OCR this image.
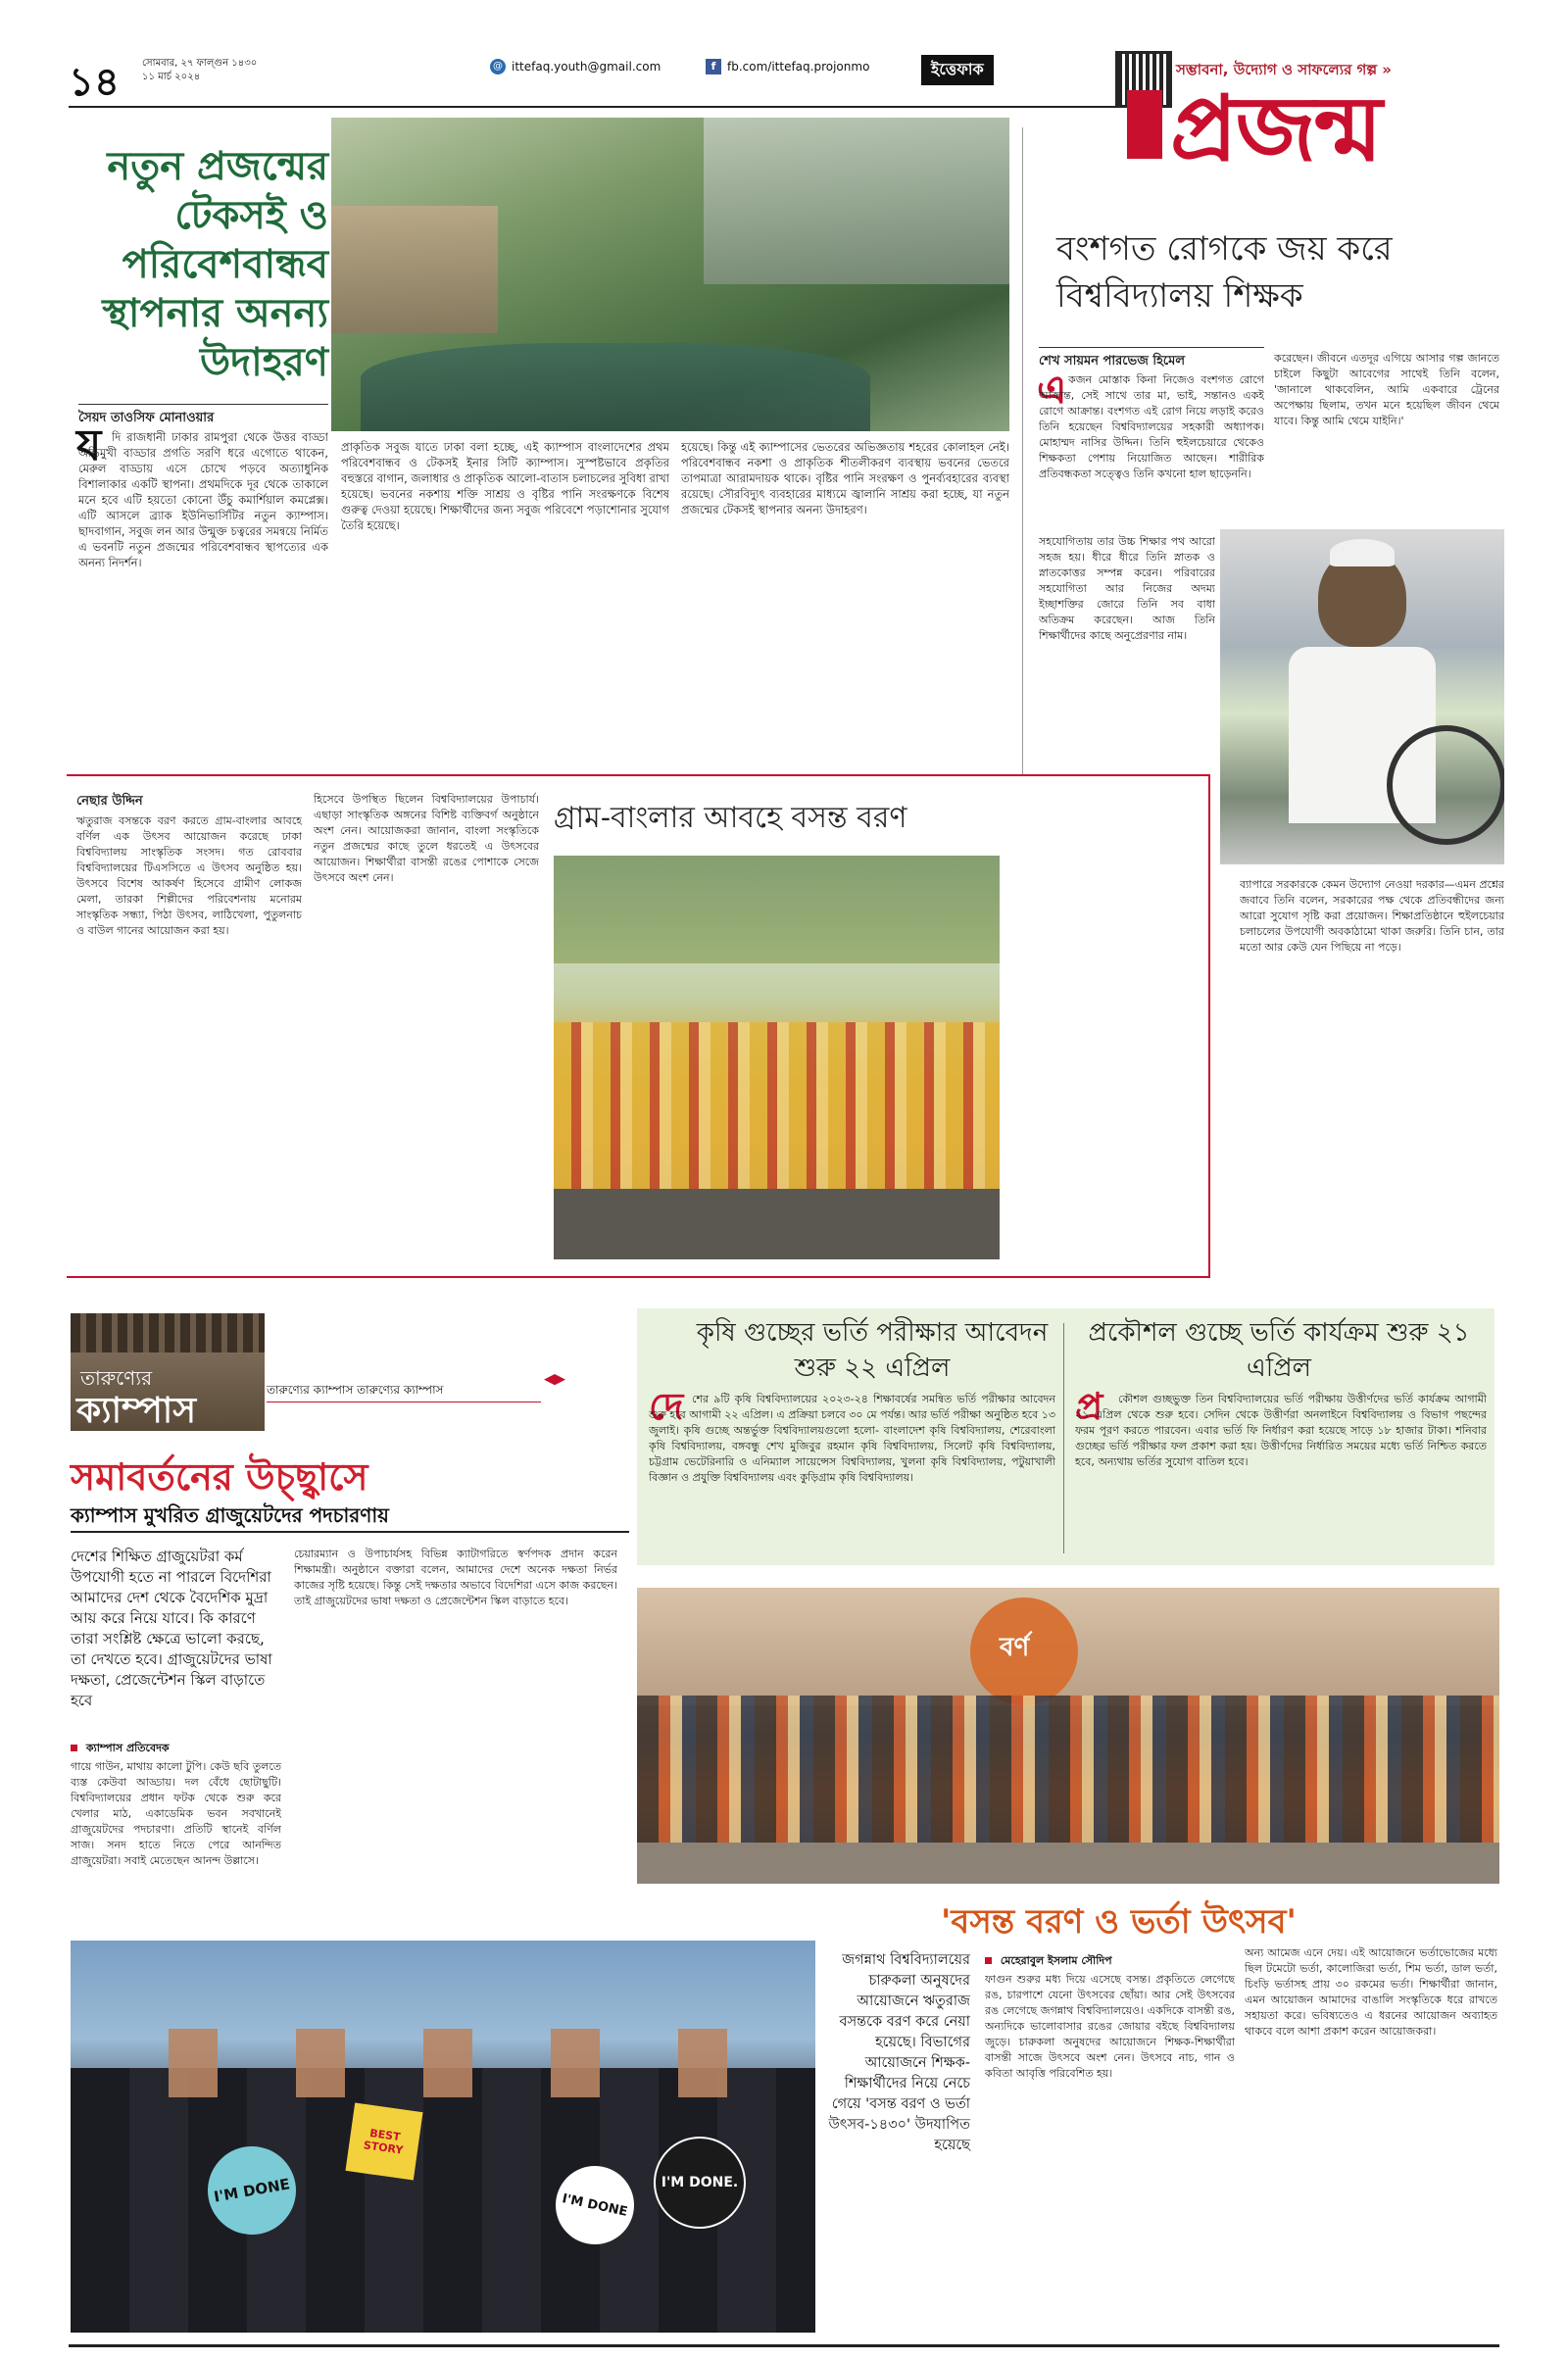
১৪ সোমবার, ২৭ ফাল্গুন ১৪৩০
১১ মার্চ ২০২৪
@ ittefaq.youth@gmail.com	f fb.com/ittefaq.projonmo	ইত্তেফাক	সম্ভাবনা, উদ্যোগ ও সাফল্যের গল্প »
প্রজন্ম
নতুন প্রজন্মের টেকসই ও পরিবেশবান্ধব স্থাপনার অনন্য উদাহরণ
সৈয়দ তাওসিফ মোনাওয়ার
য দি রাজধানী ঢাকার রামপুরা থেকে উত্তর বাড্ডা অভিমুখী বাড্ডার প্রগতি সরণি ধরে এগোতে থাকেন, মেরুল বাড্ডায় এসে চোখে পড়বে অত্যাধুনিক বিশালাকার একটি স্থাপনা। প্রথমদিকে দূর থেকে তাকালে মনে হবে এটি হয়তো কোনো উঁচু কমার্শিয়াল কমপ্লেক্স। এটি আসলে ব্র্যাক ইউনিভার্সিটির নতুন ক্যাম্পাস। ছাদবাগান, সবুজ লন আর উন্মুক্ত চত্বরের সমন্বয়ে নির্মিত এ ভবনটি নতুন প্রজন্মের পরিবেশবান্ধব স্থাপত্যের এক অনন্য নিদর্শন।
প্রাকৃতিক সবুজ যাতে ঢাকা বলা হচ্ছে, এই ক্যাম্পাস বাংলাদেশের প্রথম পরিবেশবান্ধব ও টেকসই ইনার সিটি ক্যাম্পাস। সুস্পষ্টভাবে প্রকৃতির বহুস্তরে বাগান, জলাধার ও প্রাকৃতিক আলো-বাতাস চলাচলের সুবিধা রাখা হয়েছে। ভবনের নকশায় শক্তি সাশ্রয় ও বৃষ্টির পানি সংরক্ষণকে বিশেষ গুরুত্ব দেওয়া হয়েছে। শিক্ষার্থীদের জন্য সবুজ পরিবেশে পড়াশোনার সুযোগ তৈরি হয়েছে।
হয়েছে। কিন্তু এই ক্যাম্পাসের ভেতরের অভিজ্ঞতায় শহরের কোলাহল নেই। পরিবেশবান্ধব নকশা ও প্রাকৃতিক শীতলীকরণ ব্যবস্থায় ভবনের ভেতরে তাপমাত্রা আরামদায়ক থাকে। বৃষ্টির পানি সংরক্ষণ ও পুনর্ব্যবহারের ব্যবস্থা রয়েছে। সৌরবিদ্যুৎ ব্যবহারের মাধ্যমে জ্বালানি সাশ্রয় করা হচ্ছে, যা নতুন প্রজন্মের টেকসই স্থাপনার অনন্য উদাহরণ।
বংশগত রোগকে জয় করে বিশ্ববিদ্যালয় শিক্ষক
শেখ সায়মন পারভেজ হিমেল
এ কজন মোস্তাক কিনা নিজেও বংশগত রোগে আক্রান্ত, সেই সাথে তার মা, ভাই, সন্তানও একই রোগে আক্রান্ত। বংশগত এই রোগ নিয়ে লড়াই করেও তিনি হয়েছেন বিশ্ববিদ্যালয়ের সহকারী অধ্যাপক। মোহাম্মদ নাসির উদ্দিন। তিনি হুইলচেয়ারে থেকেও শিক্ষকতা পেশায় নিয়োজিত আছেন। শারীরিক প্রতিবন্ধকতা সত্ত্বেও তিনি কখনো হাল ছাড়েননি।
সহযোগিতায় তার উচ্চ শিক্ষার পথ আরো সহজ হয়। ধীরে ধীরে তিনি স্নাতক ও স্নাতকোত্তর সম্পন্ন করেন। পরিবারের সহযোগিতা আর নিজের অদম্য ইচ্ছাশক্তির জোরে তিনি সব বাধা অতিক্রম করেছেন। আজ তিনি শিক্ষার্থীদের কাছে অনুপ্রেরণার নাম।
করেছেন। জীবনে এতদূর এগিয়ে আসার গল্প জানতে চাইলে কিছুটা আবেগের সাথেই তিনি বলেন, 'জানালে থাকবেলিন, আমি একবারে ট্রেনের অপেক্ষায় ছিলাম, তখন মনে হয়েছিল জীবন থেমে যাবে। কিন্তু আমি থেমে যাইনি।'
ব্যাপারে সরকারকে কেমন উদ্যোগ নেওয়া দরকার—এমন প্রশ্নের জবাবে তিনি বলেন, সরকারের পক্ষ থেকে প্রতিবন্ধীদের জন্য আরো সুযোগ সৃষ্টি করা প্রয়োজন। শিক্ষাপ্রতিষ্ঠানে হুইলচেয়ার চলাচলের উপযোগী অবকাঠামো থাকা জরুরি। তিনি চান, তার মতো আর কেউ যেন পিছিয়ে না পড়ে।
নেছার উদ্দিন
ঋতুরাজ বসন্তকে বরণ করতে গ্রাম-বাংলার আবহে বর্ণিল এক উৎসব আয়োজন করেছে ঢাকা বিশ্ববিদ্যালয় সাংস্কৃতিক সংসদ। গত রোববার বিশ্ববিদ্যালয়ের টিএসসিতে এ উৎসব অনুষ্ঠিত হয়। উৎসবে বিশেষ আকর্ষণ হিসেবে গ্রামীণ লোকজ মেলা, তারকা শিল্পীদের পরিবেশনায় মনোরম সাংস্কৃতিক সন্ধ্যা, পিঠা উৎসব, লাঠিখেলা, পুতুলনাচ ও বাউল গানের আয়োজন করা হয়।
হিসেবে উপস্থিত ছিলেন বিশ্ববিদ্যালয়ের উপাচার্য। এছাড়া সাংস্কৃতিক অঙ্গনের বিশিষ্ট ব্যক্তিবর্গ অনুষ্ঠানে অংশ নেন। আয়োজকরা জানান, বাংলা সংস্কৃতিকে নতুন প্রজন্মের কাছে তুলে ধরতেই এ উৎসবের আয়োজন। শিক্ষার্থীরা বাসন্তী রঙের পোশাকে সেজে উৎসবে অংশ নেন।
গ্রাম-বাংলার আবহে বসন্ত বরণ
তারুণ্যের
ক্যাম্পাস	তারুণ্যের ক্যাম্পাস তারুণ্যের ক্যাম্পাস
সমাবর্তনের উচ্ছ্বাসে
ক্যাম্পাস মুখরিত গ্রাজুয়েটদের পদচারণায়
দেশের শিক্ষিত গ্রাজুয়েটরা কর্ম উপযোগী হতে না পারলে বিদেশিরা আমাদের দেশ থেকে বৈদেশিক মুদ্রা আয় করে নিয়ে যাবে। কি কারণে তারা সংশ্লিষ্ট ক্ষেত্রে ভালো করছে, তা দেখতে হবে। গ্রাজুয়েটদের ভাষা দক্ষতা, প্রেজেন্টেশন স্কিল বাড়াতে হবে
ক্যাম্পাস প্রতিবেদক
গায়ে গাউন, মাথায় কালো টুপি। কেউ ছবি তুলতে ব্যস্ত কেউবা আড্ডায়। দল বেঁধে ছোটাছুটি। বিশ্ববিদ্যালয়ের প্রধান ফটক থেকে শুরু করে খেলার মাঠ, একাডেমিক ভবন সবখানেই গ্রাজুয়েটদের পদচারণা। প্রতিটি স্থানেই বর্ণিল সাজ। সনদ হাতে নিতে পেরে আনন্দিত গ্রাজুয়েটরা। সবাই মেতেছেন আনন্দ উল্লাসে।
চেয়ারম্যান ও উপাচার্যসহ বিভিন্ন ক্যাটাগরিতে স্বর্ণপদক প্রদান করেন শিক্ষামন্ত্রী। অনুষ্ঠানে বক্তারা বলেন, আমাদের দেশে অনেক দক্ষতা নির্ভর কাজের সৃষ্টি হয়েছে। কিন্তু সেই দক্ষতার অভাবে বিদেশিরা এসে কাজ করছেন। তাই গ্রাজুয়েটদের ভাষা দক্ষতা ও প্রেজেন্টেশন স্কিল বাড়াতে হবে।
কৃষি গুচ্ছের ভর্তি পরীক্ষার আবেদন শুরু ২২ এপ্রিল
দে শের ৯টি কৃষি বিশ্ববিদ্যালয়ের ২০২৩-২৪ শিক্ষাবর্ষের সমন্বিত ভর্তি পরীক্ষার আবেদন শুরু হবে আগামী ২২ এপ্রিল। এ প্রক্রিয়া চলবে ৩০ মে পর্যন্ত। আর ভর্তি পরীক্ষা অনুষ্ঠিত হবে ১৩ জুলাই। কৃষি গুচ্ছে অন্তর্ভুক্ত বিশ্ববিদ্যালয়গুলো হলো- বাংলাদেশ কৃষি বিশ্ববিদ্যালয়, শেরেবাংলা কৃষি বিশ্ববিদ্যালয়, বঙ্গবন্ধু শেখ মুজিবুর রহমান কৃষি বিশ্ববিদ্যালয়, সিলেট কৃষি বিশ্ববিদ্যালয়, চট্টগ্রাম ভেটেরিনারি ও এনিম্যাল সায়েন্সেস বিশ্ববিদ্যালয়, খুলনা কৃষি বিশ্ববিদ্যালয়, পটুয়াখালী বিজ্ঞান ও প্রযুক্তি বিশ্ববিদ্যালয় এবং কুড়িগ্রাম কৃষি বিশ্ববিদ্যালয়।
প্রকৌশল গুচ্ছে ভর্তি কার্যক্রম শুরু ২১ এপ্রিল
প্র	কৌশল গুচ্ছভুক্ত তিন বিশ্ববিদ্যালয়ের ভর্তি পরীক্ষায় উত্তীর্ণদের ভর্তি কার্যক্রম আগামী ২১ এপ্রিল থেকে শুরু হবে। সেদিন থেকে উত্তীর্ণরা অনলাইনে বিশ্ববিদ্যালয় ও বিভাগ পছন্দের ফরম পূরণ করতে পারবেন। এবার ভর্তি ফি নির্ধারণ করা হয়েছে সাড়ে ১৮ হাজার টাকা। শনিবার গুচ্ছের ভর্তি পরীক্ষার ফল প্রকাশ করা হয়। উত্তীর্ণদের নির্ধারিত সময়ের মধ্যে ভর্তি নিশ্চিত করতে হবে, অন্যথায় ভর্তির সুযোগ বাতিল হবে।
বর্ণ
'বসন্ত বরণ ও ভর্তা উৎসব'
I'M DONE
BEST STORY
I'M DONE
I'M DONE.
জগন্নাথ বিশ্ববিদ্যালয়ের চারুকলা অনুষদের আয়োজনে ঋতুরাজ বসন্তকে বরণ করে নেয়া হয়েছে। বিভাগের আয়োজনে শিক্ষক-শিক্ষার্থীদের নিয়ে নেচে গেয়ে 'বসন্ত বরণ ও ভর্তা উৎসব-১৪৩০' উদযাপিত হয়েছে
মেহেরাবুল ইসলাম সৌদিপ
ফাগুন শুরুর মধ্য দিয়ে এসেছে বসন্ত। প্রকৃতিতে লেগেছে রঙ, চারপাশে যেনো উৎসবের ছোঁয়া। আর সেই উৎসবের রঙ লেগেছে জগন্নাথ বিশ্ববিদ্যালয়েও। একদিকে বাসন্তী রঙ, অন্যদিকে ভালোবাসার রঙের জোয়ার বইছে বিশ্ববিদ্যালয় জুড়ে। চারুকলা অনুষদের আয়োজনে শিক্ষক-শিক্ষার্থীরা বাসন্তী সাজে উৎসবে অংশ নেন। উৎসবে নাচ, গান ও কবিতা আবৃত্তি পরিবেশিত হয়।
অন্য আমেজ এনে দেয়। এই আয়োজনে ভর্তাভোজের মধ্যে ছিল টমেটো ভর্তা, কালোজিরা ভর্তা, শিম ভর্তা, ডাল ভর্তা, চিংড়ি ভর্তাসহ প্রায় ৩০ রকমের ভর্তা। শিক্ষার্থীরা জানান, এমন আয়োজন আমাদের বাঙালি সংস্কৃতিকে ধরে রাখতে সহায়তা করে। ভবিষ্যতেও এ ধরনের আয়োজন অব্যাহত থাকবে বলে আশা প্রকাশ করেন আয়োজকরা।
